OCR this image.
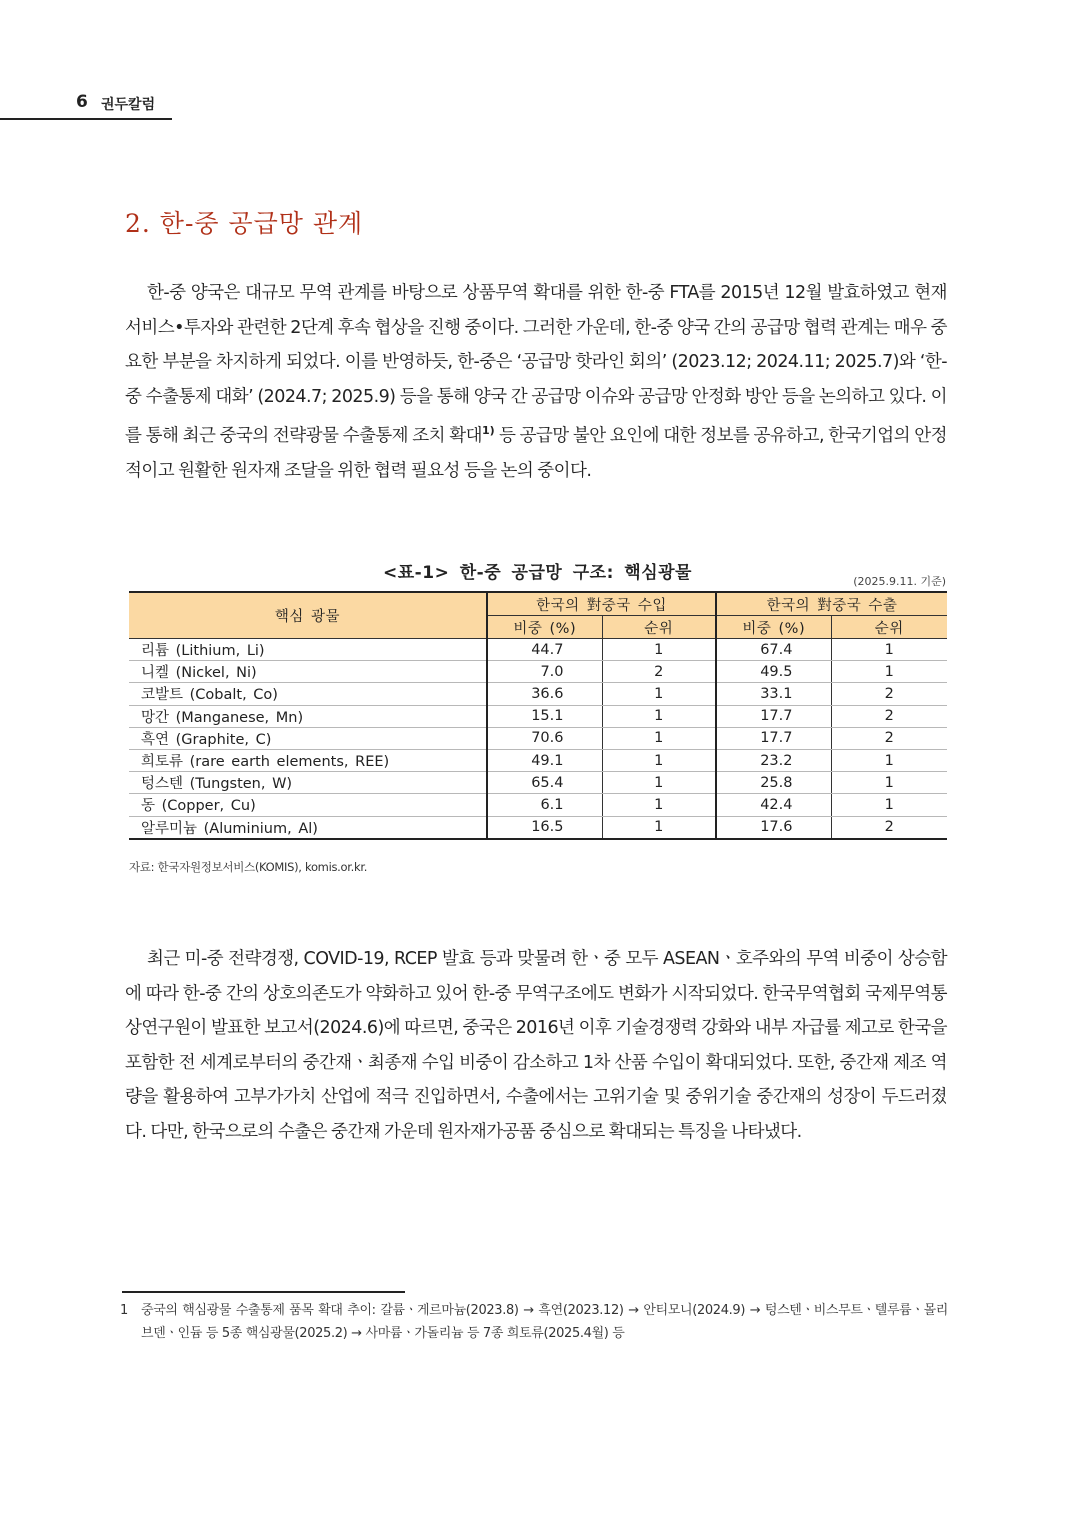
6 권두칼럼
2. 한-중 공급망 관계

한-중 양국은 대규모 무역 관계를 바탕으로 상품무역 확대를 위한 한-중 FTA를 2015년 12월 발효하였고 현재 서비스•투자와 관련한 2단계 후속 협상을 진행 중이다. 그러한 가운데, 한-중 양국 간의 공급망 협력 관계는 매우 중요한 부분을 차지하게 되었다. 이를 반영하듯, 한-중은 ‘공급망 핫라인 회의’ (2023.12; 2024.11; 2025.7)와 ‘한-중 수출통제 대화’ (2024.7; 2025.9) 등을 통해 양국 간 공급망 이슈와 공급망 안정화 방안 등을 논의하고 있다. 이를 통해 최근 중국의 전략광물 수출통제 조치 확대$^{1)}$ 등 공급망 불안 요인에 대한 정보를 공유하고, 한국기업의 안정적이고 원활한 원자재 조달을 위한 협력 필요성 등을 논의 중이다.

<표-1> 한-중 공급망 구조: 핵심광물	(2025.9.11. 기준)
핵심 광물	한국의 對중국 수입		한국의 對중국 수출	
	비중 (%)	순위	비중 (%)	순위
리튬 (Lithium, Li)	44.7	1	67.4	1
니켈 (Nickel, Ni)	7.0	2	49.5	1
코발트 (Cobalt, Co)	36.6	1	33.1	2
망간 (Manganese, Mn)	15.1	1	17.7	2
흑연 (Graphite, C)	70.6	1	17.7	2
희토류 (rare earth elements, REE)	49.1	1	23.2	1
텅스텐 (Tungsten, W)	65.4	1	25.8	1
동 (Copper, Cu)	6.1	1	42.4	1
알루미늄 (Aluminium, Al)	16.5	1	17.6	2
자료: 한국자원정보서비스(KOMIS), komis.or.kr.

최근 미-중 전략경쟁, COVID-19, RCEP 발효 등과 맞물려 한ㆍ중 모두 ASEANㆍ호주와의 무역 비중이 상승함에 따라 한-중 간의 상호의존도가 약화하고 있어 한-중 무역구조에도 변화가 시작되었다. 한국무역협회 국제무역통상연구원이 발표한 보고서(2024.6)에 따르면, 중국은 2016년 이후 기술경쟁력 강화와 내부 자급률 제고로 한국을 포함한 전 세계로부터의 중간재ㆍ최종재 수입 비중이 감소하고 1차 산품 수입이 확대되었다. 또한, 중간재 제조 역량을 활용하여 고부가가치 산업에 적극 진입하면서, 수출에서는 고위기술 및 중위기술 중간재의 성장이 두드러졌다. 다만, 한국으로의 수출은 중간재 가운데 원자재가공품 중심으로 확대되는 특징을 나타냈다.

1	중국의 핵심광물 수출통제 품목 확대 추이: 갈륨ㆍ게르마늄(2023.8) → 흑연(2023.12) → 안티모니(2024.9) → 텅스텐ㆍ비스무트ㆍ텔루륨ㆍ몰리브덴ㆍ인듐 등 5종 핵심광물(2025.2) → 사마륨ㆍ가돌리늄 등 7종 희토류(2025.4월) 등
